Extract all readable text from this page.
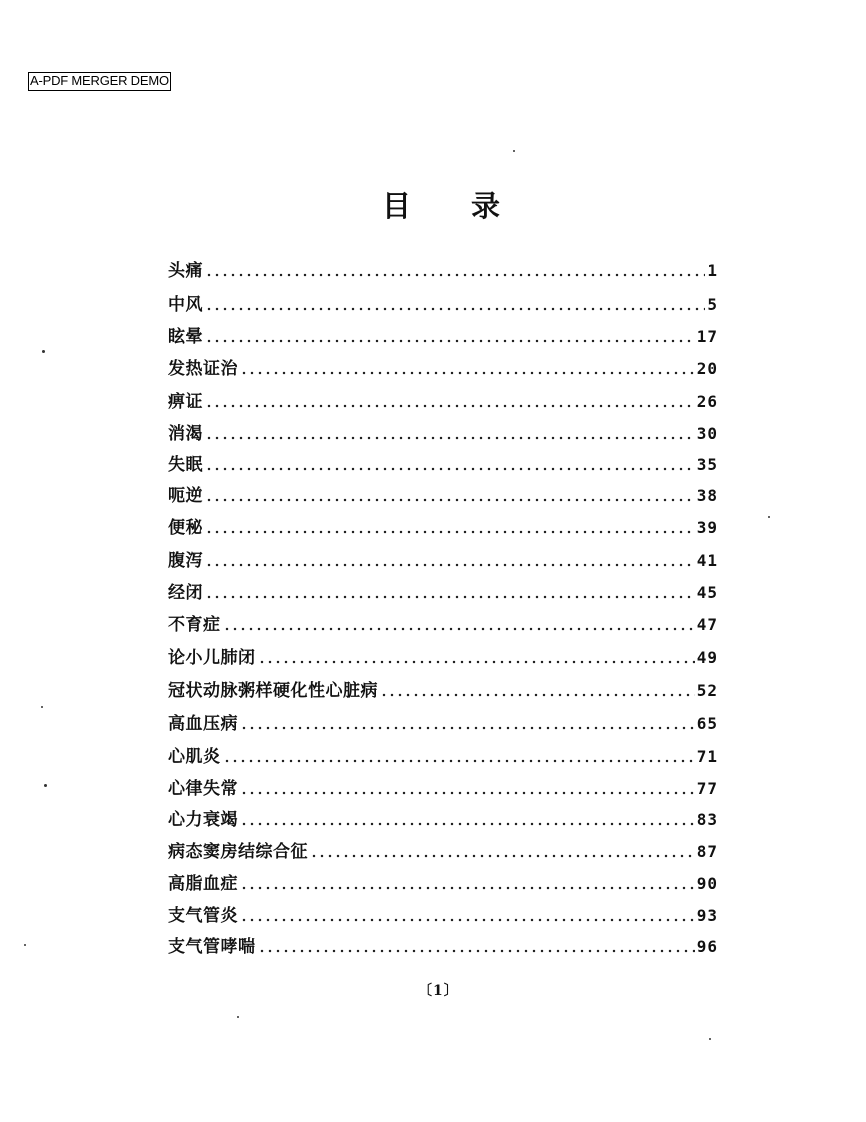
A-PDF MERGER DEMO
目 录
头痛	1
中风	5
眩晕	17
发热证治	20
痹证	26
消渴	30
失眠	35
呃逆	38
便秘	39
腹泻	41
经闭	45
不育症	47
论小儿肺闭	49
冠状动脉粥样硬化性心脏病	52
高血压病	65
心肌炎	71
心律失常	77
心力衰竭	83
病态窦房结综合征	87
高脂血症	90
支气管炎	93
支气管哮喘	96
〔1〕
